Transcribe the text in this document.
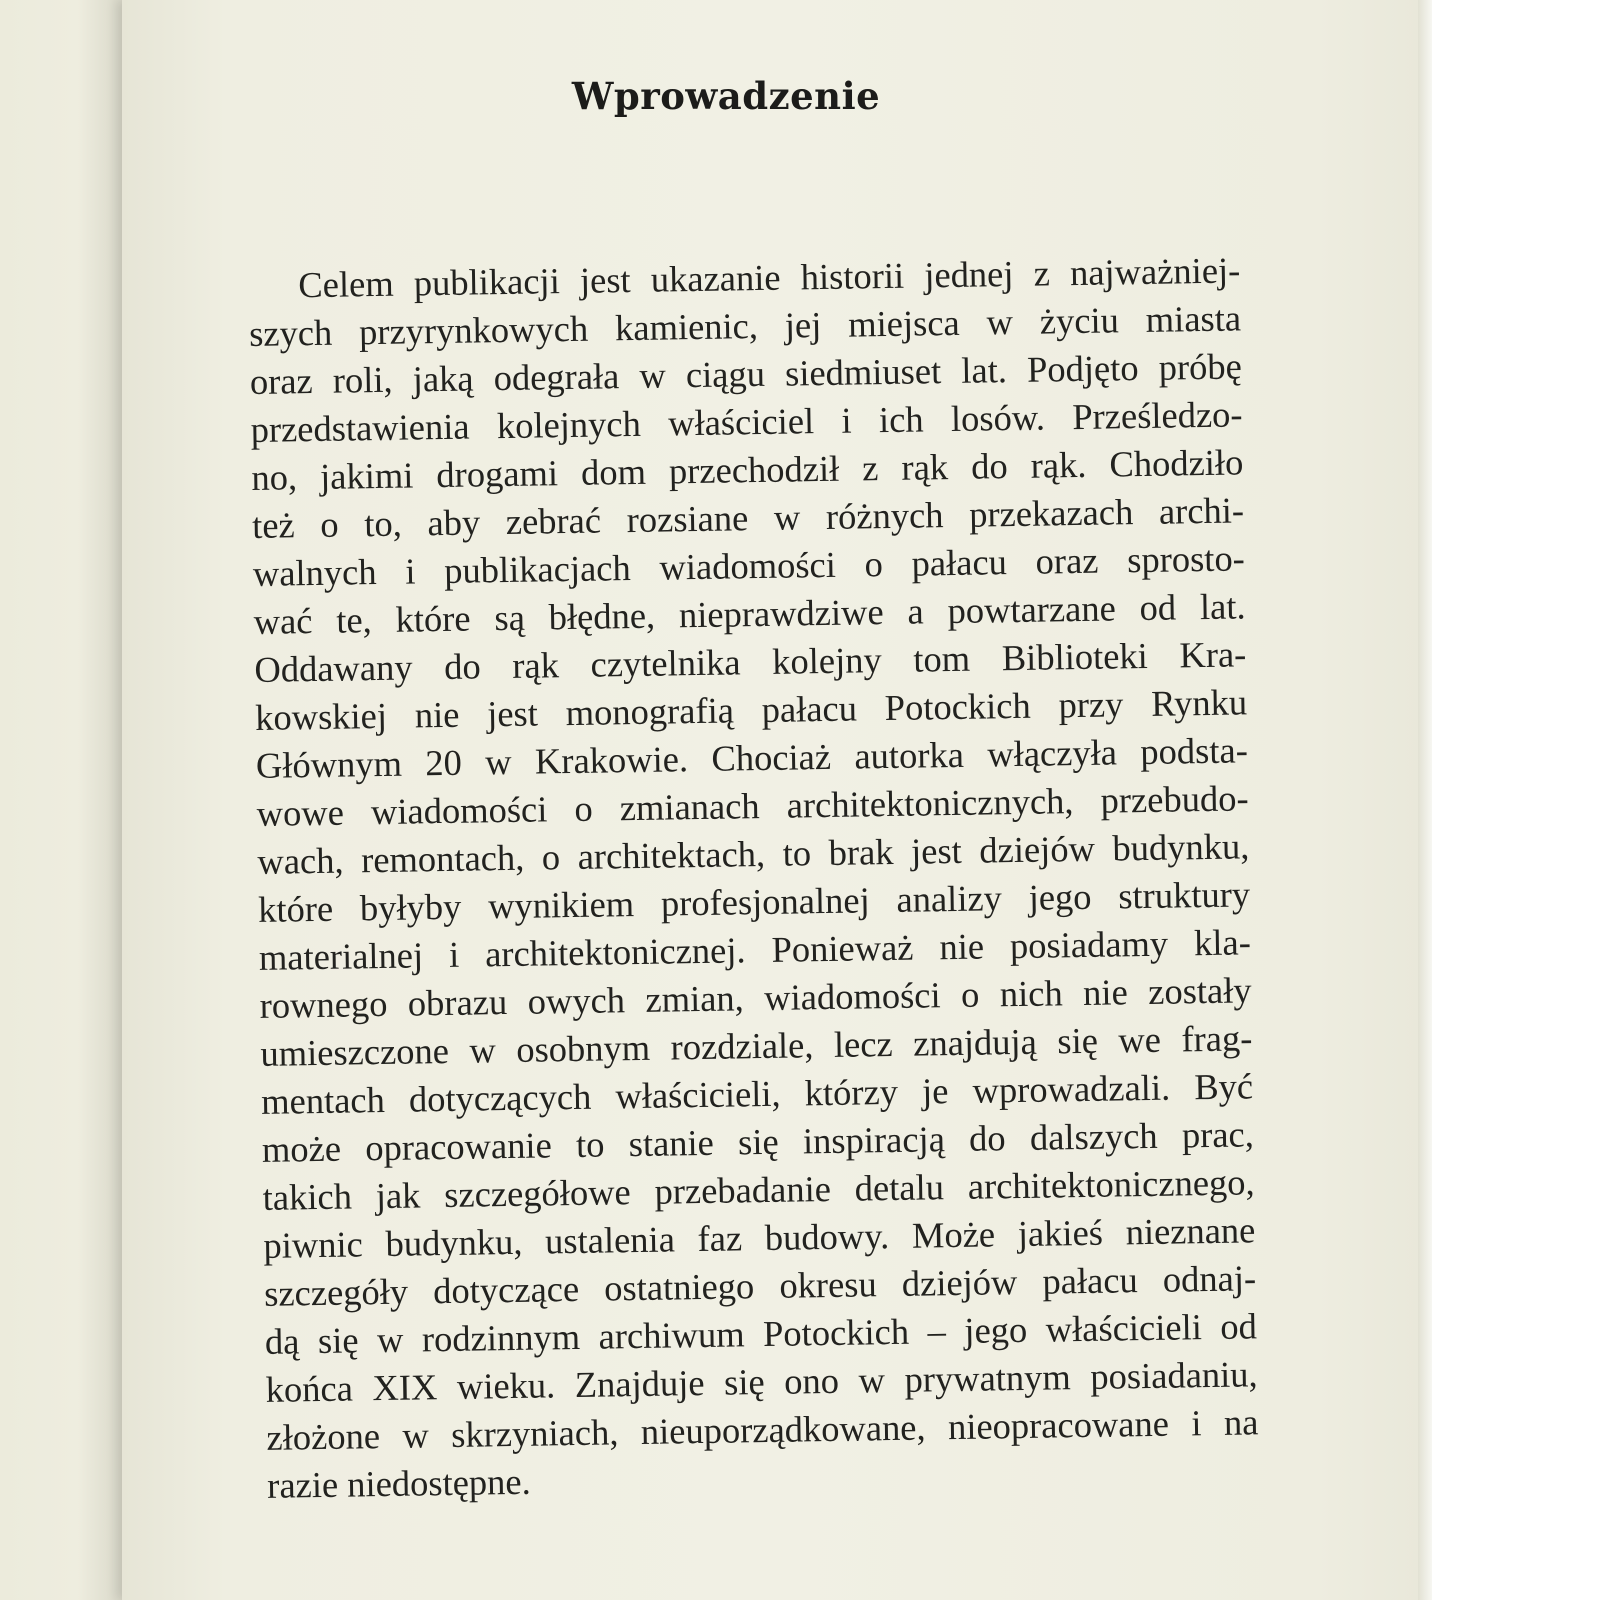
Wprowadzenie
Celem publikacji jest ukazanie historii jednej z najważniej-
szych przyrynkowych kamienic, jej miejsca w życiu miasta
oraz roli, jaką odegrała w ciągu siedmiuset lat. Podjęto próbę
przedstawienia kolejnych właściciel i ich losów. Prześledzo-
no, jakimi drogami dom przechodził z rąk do rąk. Chodziło
też o to, aby zebrać rozsiane w różnych przekazach archi-
walnych i publikacjach wiadomości o pałacu oraz sprosto-
wać te, które są błędne, nieprawdziwe a powtarzane od lat.
Oddawany do rąk czytelnika kolejny tom Biblioteki Kra-
kowskiej nie jest monografią pałacu Potockich przy Rynku
Głównym 20 w Krakowie. Chociaż autorka włączyła podsta-
wowe wiadomości o zmianach architektonicznych, przebudo-
wach, remontach, o architektach, to brak jest dziejów budynku,
które byłyby wynikiem profesjonalnej analizy jego struktury
materialnej i architektonicznej. Ponieważ nie posiadamy kla-
rownego obrazu owych zmian, wiadomości o nich nie zostały
umieszczone w osobnym rozdziale, lecz znajdują się we frag-
mentach dotyczących właścicieli, którzy je wprowadzali. Być
może opracowanie to stanie się inspiracją do dalszych prac,
takich jak szczegółowe przebadanie detalu architektonicznego,
piwnic budynku, ustalenia faz budowy. Może jakieś nieznane
szczegóły dotyczące ostatniego okresu dziejów pałacu odnaj-
dą się w rodzinnym archiwum Potockich – jego właścicieli od
końca XIX wieku. Znajduje się ono w prywatnym posiadaniu,
złożone w skrzyniach, nieuporządkowane, nieopracowane i na
razie niedostępne.
